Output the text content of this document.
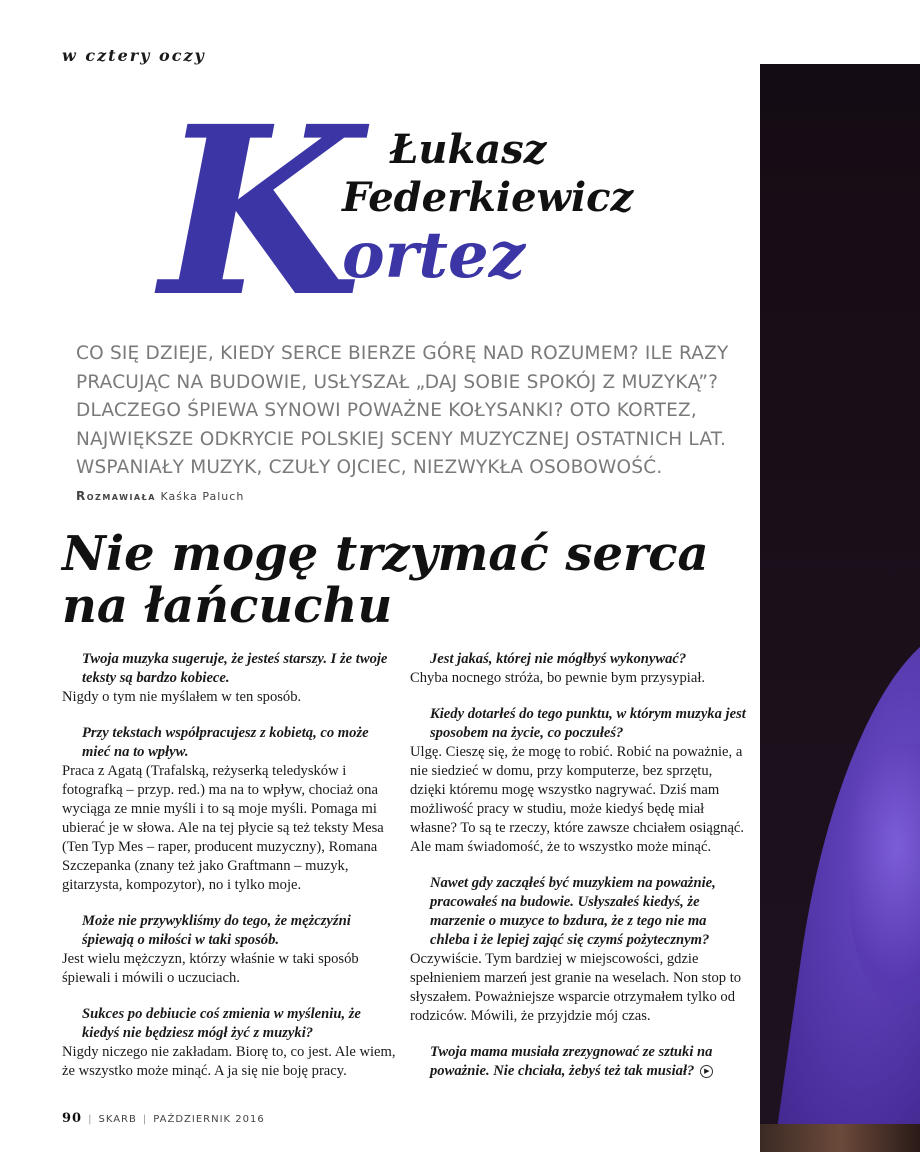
w cztery oczy
K Łukasz
Federkiewicz
ortez

CO SIĘ DZIEJE, KIEDY SERCE BIERZE GÓRĘ NAD ROZUMEM? ILE RAZY PRACUJĄC NA BUDOWIE, USŁYSZAŁ „DAJ SOBIE SPOKÓJ Z MUZYKĄ”? DLACZEGO ŚPIEWA SYNOWI POWAŻNE KOŁYSANKI? OTO KORTEZ, NAJWIĘKSZE ODKRYCIE POLSKIEJ SCENY MUZYCZNEJ OSTATNICH LAT. WSPANIAŁY MUZYK, CZUŁY OJCIEC, NIEZWYKŁA OSOBOWOŚĆ.

Rozmawiała Kaśka Paluch
Nie mogę trzymać serca na łańcuchu

Twoja muzyka sugeruje, że jesteś starszy. I że twoje teksty są bardzo kobiece.

Nigdy o tym nie myślałem w ten sposób.

Przy tekstach współpracujesz z kobietą, co może mieć na to wpływ.

Praca z Agatą (Trafalską, reżyserką teledysków i fotografką – przyp. red.) ma na to wpływ, chociaż ona wyciąga ze mnie myśli i to są moje myśli. Pomaga mi ubierać je w słowa. Ale na tej płycie są też teksty Mesa (Ten Typ Mes – raper, producent muzyczny), Romana Szczepanka (znany też jako Graftmann – muzyk, gitarzysta, kompozytor), no i tylko moje.

Może nie przywykliśmy do tego, że mężczyźni śpiewają o miłości w taki sposób.

Jest wielu mężczyzn, którzy właśnie w taki sposób śpiewali i mówili o uczuciach.

Sukces po debiucie coś zmienia w myśleniu, że kiedyś nie będziesz mógł żyć z muzyki?

Nigdy niczego nie zakładam. Biorę to, co jest. Ale wiem, że wszystko może minąć. A ja się nie boję pracy.

Jest jakaś, której nie mógłbyś wykonywać?

Chyba nocnego stróża, bo pewnie bym przysypiał.

Kiedy dotarłeś do tego punktu, w którym muzyka jest sposobem na życie, co poczułeś?

Ulgę. Cieszę się, że mogę to robić. Robić na poważnie, a nie siedzieć w domu, przy komputerze, bez sprzętu, dzięki któremu mogę wszystko nagrywać. Dziś mam możliwość pracy w studiu, może kiedyś będę miał własne? To są te rzeczy, które zawsze chciałem osiągnąć. Ale mam świadomość, że to wszystko może minąć.

Nawet gdy zacząłeś być muzykiem na poważnie, pracowałeś na budowie. Usłyszałeś kiedyś, że marzenie o muzyce to bzdura, że z tego nie ma chleba i że lepiej zająć się czymś pożytecznym?

Oczywiście. Tym bardziej w miejscowości, gdzie spełnieniem marzeń jest granie na weselach. Non stop to słyszałem. Poważniejsze wsparcie otrzymałem tylko od rodziców. Mówili, że przyjdzie mój czas.

Twoja mama musiała zrezygnować ze sztuki na poważnie. Nie chciała, żebyś też tak musiał? ▶

90 | SKARB | PAŹDZIERNIK 2016
